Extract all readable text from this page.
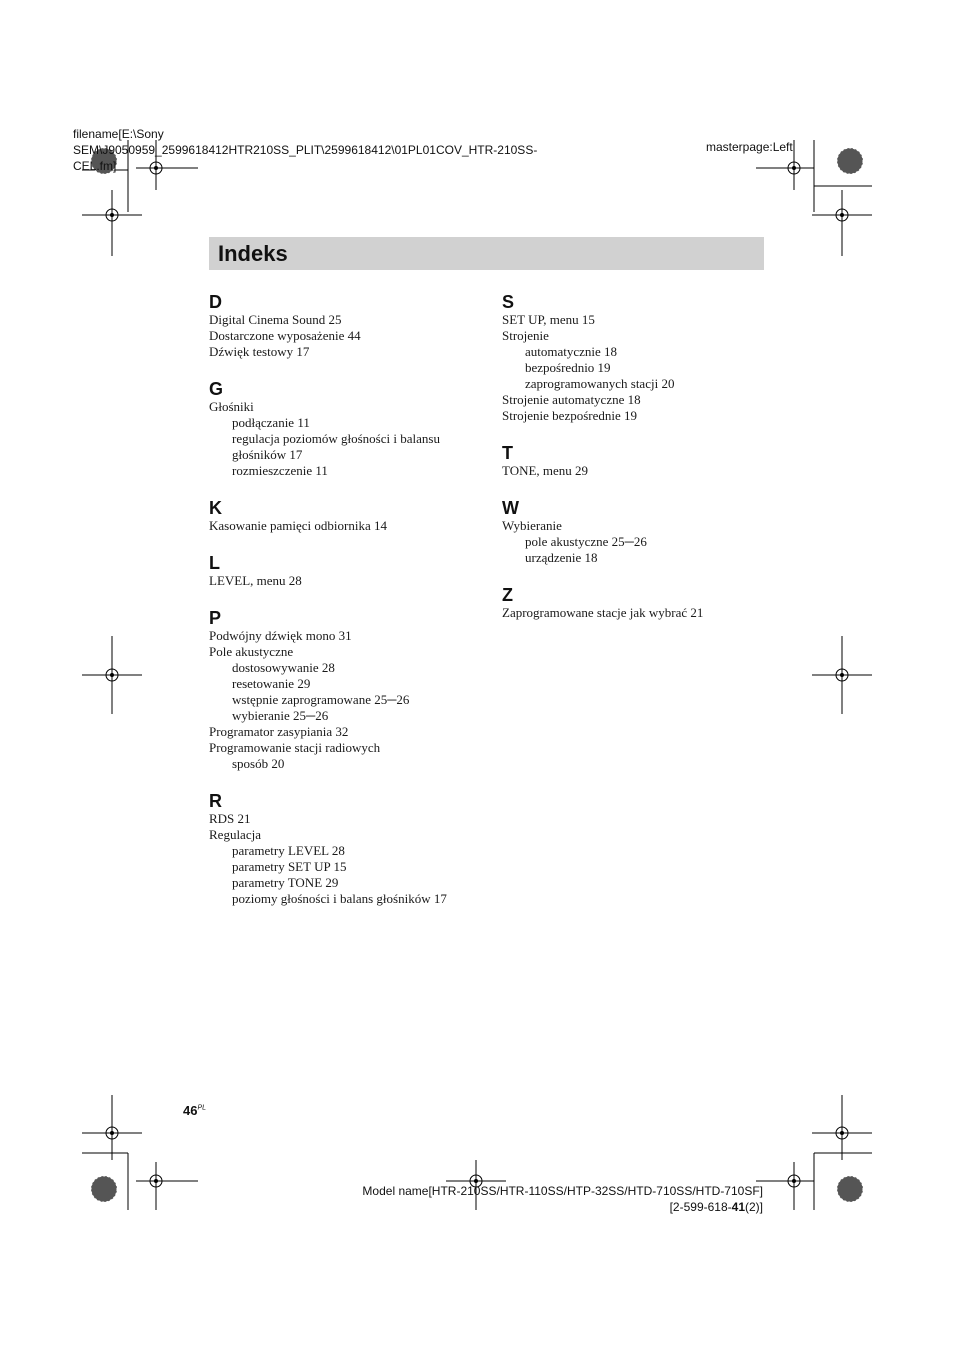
filename[E:\Sony
SEM\J9050959_2599618412HTR210SS_PLIT\2599618412\01PL01COV_HTR-210SS-
CEL.fm]
masterpage:Left
Indeks
D
Digital Cinema Sound 25
Dostarczone wyposażenie 44
Dźwięk testowy 17
G
Głośniki
podłączanie 11
regulacja poziomów głośności i balansu
głośników 17
rozmieszczenie 11
K
Kasowanie pamięci odbiornika 14
L
LEVEL, menu 28
P
Podwójny dźwięk mono 31
Pole akustyczne
dostosowywanie 28
resetowanie 29
wstępnie zaprogramowane 25─26
wybieranie 25─26
Programator zasypiania 32
Programowanie stacji radiowych
sposób 20
R
RDS 21
Regulacja
parametry LEVEL 28
parametry SET UP 15
parametry TONE 29
poziomy głośności i balans głośników 17
S
SET UP, menu 15
Strojenie
automatycznie 18
bezpośrednio 19
zaprogramowanych stacji 20
Strojenie automatyczne 18
Strojenie bezpośrednie 19
T
TONE, menu 29
W
Wybieranie
pole akustyczne 25─26
urządzenie 18
Z
Zaprogramowane stacje jak wybrać 21
$46^{PL}$
Model name[HTR-210SS/HTR-110SS/HTP-32SS/HTD-710SS/HTD-710SF]
[2-599-618-41(2)]
